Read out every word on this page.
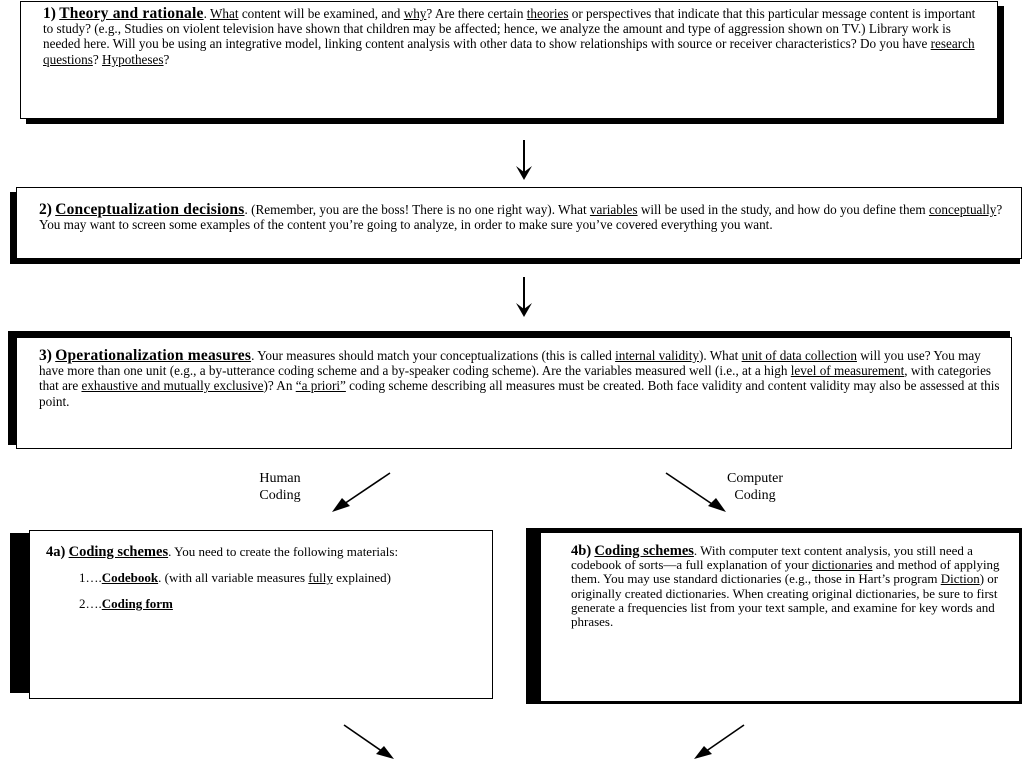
1) Theory and rationale. What content will be examined, and why? Are there certain theories or perspectives that indicate that this particular message content is important to study? (e.g., Studies on violent television have shown that children may be affected; hence, we analyze the amount and type of aggression shown on TV.) Library work is needed here. Will you be using an integrative model, linking content analysis with other data to show relationships with source or receiver characteristics? Do you have research questions? Hypotheses?

2) Conceptualization decisions. (Remember, you are the boss! There is no one right way). What variables will be used in the study, and how do you define them conceptually? You may want to screen some examples of the content you’re going to analyze, in order to make sure you’ve covered everything you want.

3) Operationalization measures. Your measures should match your conceptualizations (this is called internal validity). What unit of data collection will you use? You may have more than one unit (e.g., a by-utterance coding scheme and a by-speaker coding scheme). Are the variables measured well (i.e., at a high level of measurement, with categories that are exhaustive and mutually exclusive)? An “a priori” coding scheme describing all measures must be created. Both face validity and content validity may also be assessed at this point.

Human
Coding
Computer
Coding

4a) Coding schemes. You need to create the following materials:

1….Codebook. (with all variable measures fully explained)

2….Coding form

4b) Coding schemes. With computer text content analysis, you still need a codebook of sorts—a full explanation of your dictionaries and method of applying them. You may use standard dictionaries (e.g., those in Hart’s program Diction) or originally created dictionaries. When creating original dictionaries, be sure to first generate a frequencies list from your text sample, and examine for key words and phrases.
